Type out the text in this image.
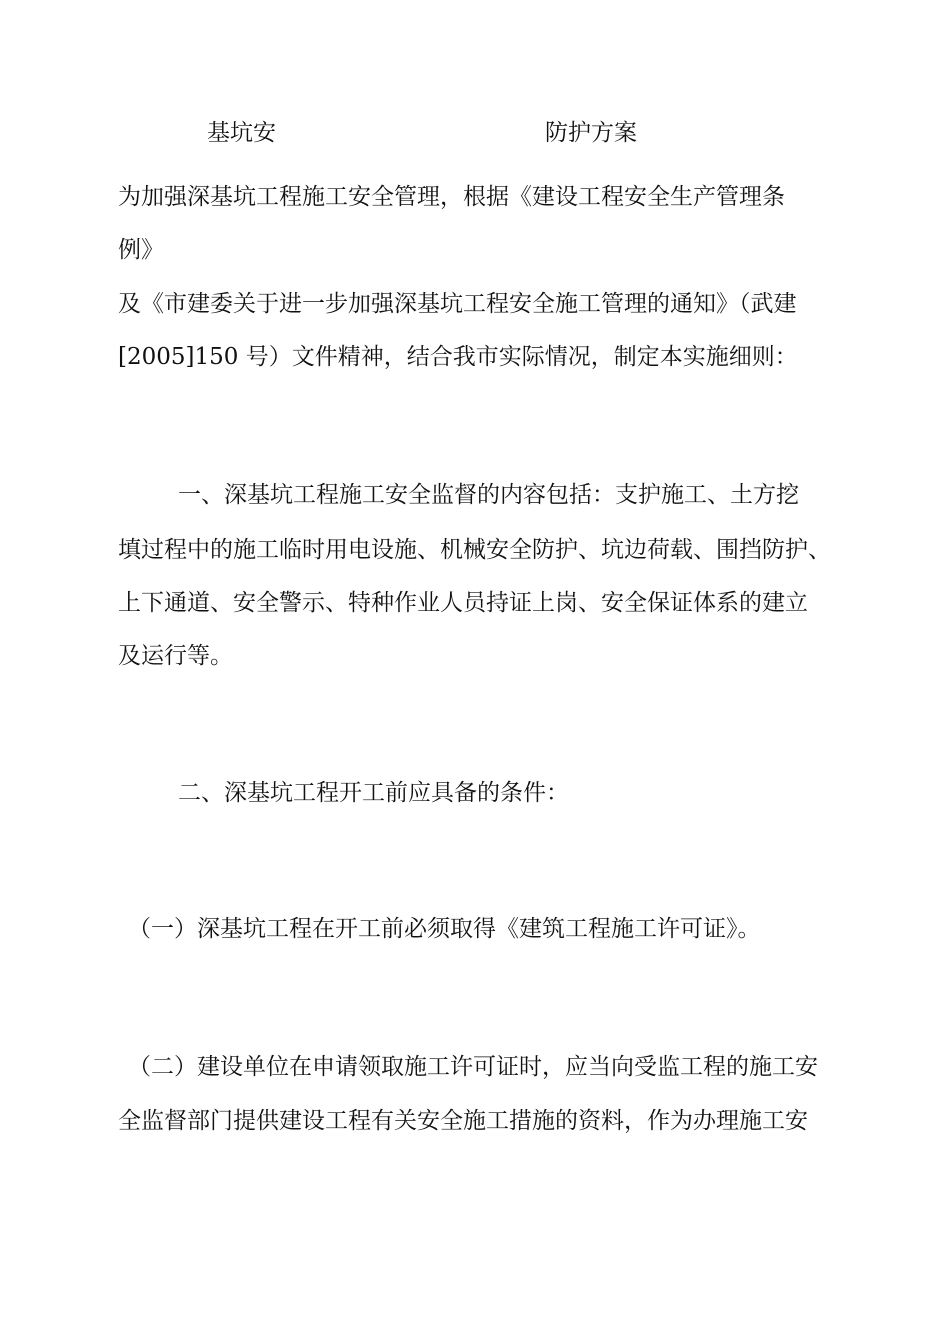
基坑安	防护方案

为加强深基坑工程施工安全管理，根据《建设工程安全生产管理条

例》

及《市建委关于进一步加强深基坑工程安全施工管理的通知》（武建

[2005]150 号）文件精神，结合我市实际情况，制定本实施细则：

一、深基坑工程施工安全监督的内容包括：支护施工、土方挖

填过程中的施工临时用电设施、机械安全防护、坑边荷载、围挡防护、

上下通道、安全警示、特种作业人员持证上岗、安全保证体系的建立

及运行等。

二、深基坑工程开工前应具备的条件：

（一）深基坑工程在开工前必须取得《建筑工程施工许可证》。

（二）建设单位在申请领取施工许可证时，应当向受监工程的施工安

全监督部门提供建设工程有关安全施工措施的资料，作为办理施工安
